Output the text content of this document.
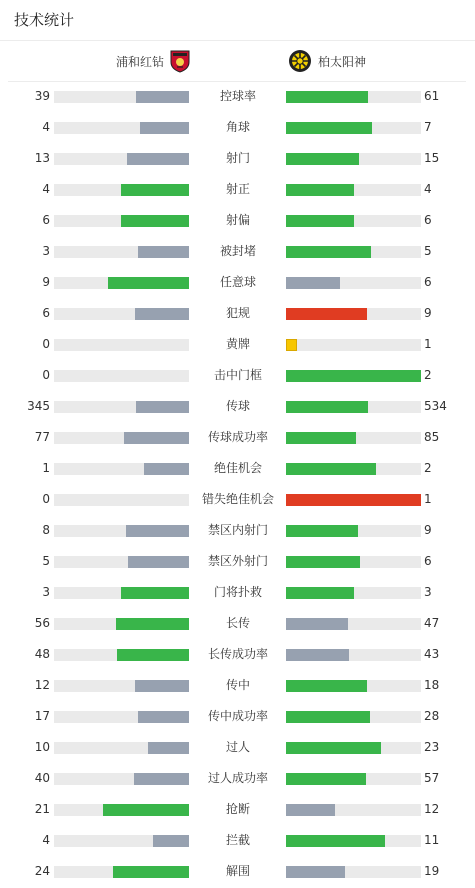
技术统计
浦和红钻	柏太阳神
39	控球率	61
4	角球	7
13	射门	15
4	射正	4
6	射偏	6
3	被封堵	5
9	任意球	6
6	犯规	9
0	黄牌	1
0	击中门框	2
345	传球	534
77	传球成功率	85
1	绝佳机会	2
0	错失绝佳机会	1
8	禁区内射门	9
5	禁区外射门	6
3	门将扑救	3
56	长传	47
48	长传成功率	43
12	传中	18
17	传中成功率	28
10	过人	23
40	过人成功率	57
21	抢断	12
4	拦截	11
24	解围	19
